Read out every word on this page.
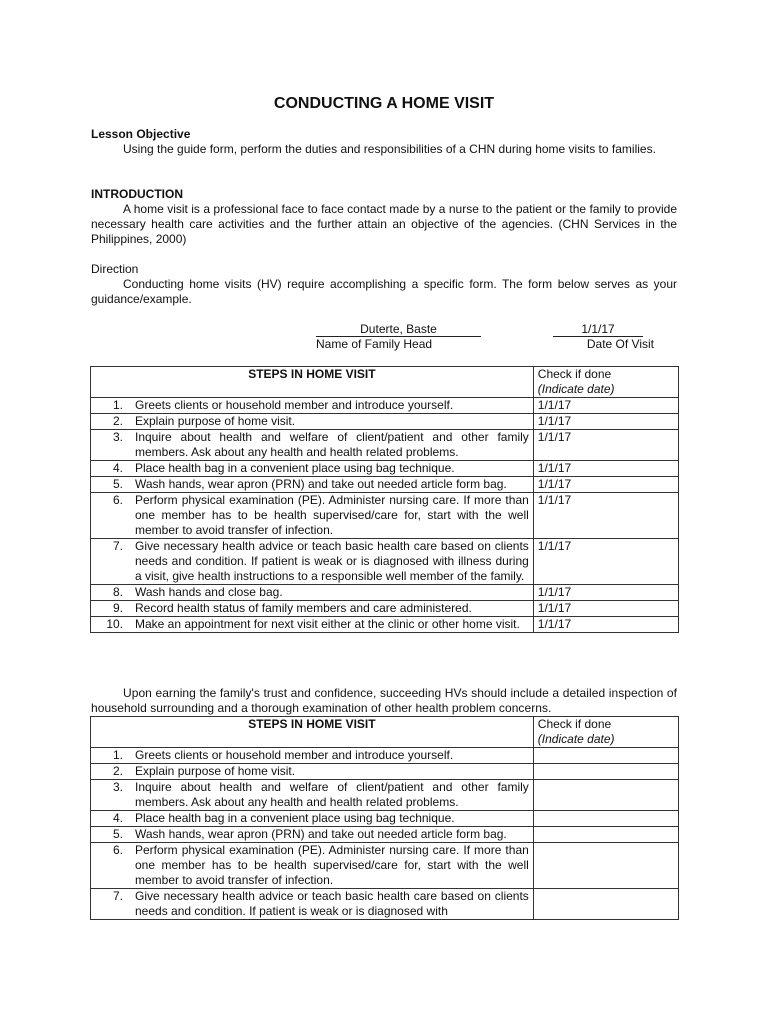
CONDUCTING A HOME VISIT
Lesson Objective

Using the guide form, perform the duties and responsibilities of a CHN during home visits to families.

INTRODUCTION

A home visit is a professional face to face contact made by a nurse to the patient or the family to provide necessary health care activities and the further attain an objective of the agencies. (CHN Services in the Philippines, 2000)

Direction

Conducting home visits (HV) require accomplishing a specific form. The form below serves as your guidance/example.

Duterte, Baste
Name of Family Head
1/1/17
Date Of Visit
STEPS IN HOME VISIT	Check if done
(Indicate date)

1. Greets clients or household member and introduce yourself.	1/1/17

2. Explain purpose of home visit.	1/1/17

3. Inquire about health and welfare of client/patient and other family members. Ask about any health and health related problems.	1/1/17

4. Place health bag in a convenient place using bag technique.	1/1/17

5. Wash hands, wear apron (PRN) and take out needed article form bag.	1/1/17

6. Perform physical examination (PE). Administer nursing care. If more than one member has to be health supervised/care for, start with the well member to avoid transfer of infection.	1/1/17

7. Give necessary health advice or teach basic health care based on clients needs and condition. If patient is weak or is diagnosed with illness during a visit, give health instructions to a responsible well member of the family.	1/1/17

8. Wash hands and close bag.	1/1/17

9. Record health status of family members and care administered.	1/1/17

10. Make an appointment for next visit either at the clinic or other home visit.	1/1/17

Upon earning the family's trust and confidence, succeeding HVs should include a detailed inspection of household surrounding and a thorough examination of other health problem concerns.

STEPS IN HOME VISIT	Check if done
(Indicate date)

1. Greets clients or household member and introduce yourself.	

2. Explain purpose of home visit.	

3. Inquire about health and welfare of client/patient and other family members. Ask about any health and health related problems.	

4. Place health bag in a convenient place using bag technique.	

5. Wash hands, wear apron (PRN) and take out needed article form bag.	

6. Perform physical examination (PE). Administer nursing care. If more than one member has to be health supervised/care for, start with the well member to avoid transfer of infection.	

7. Give necessary health advice or teach basic health care based on clients needs and condition. If patient is weak or is diagnosed with	
